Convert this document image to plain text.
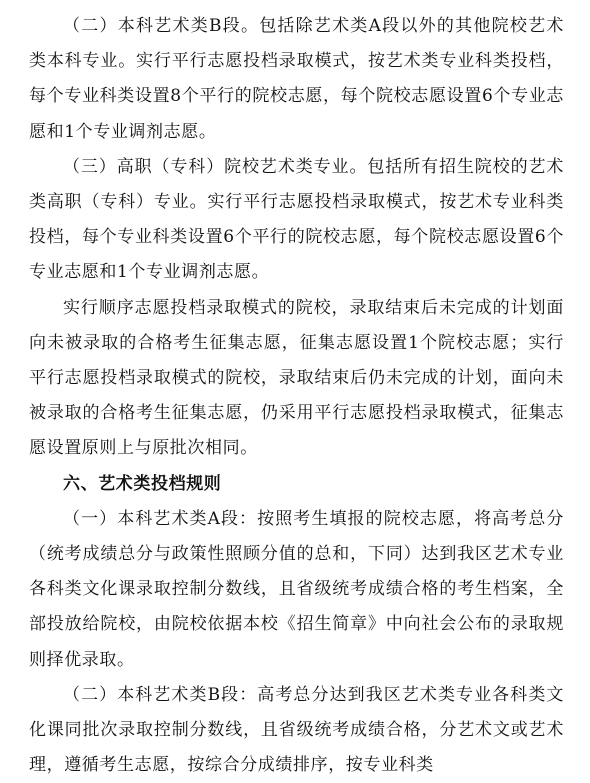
（二）本科艺术类B段。包括除艺术类A段以外的其他院校艺术类本科专业。实行平行志愿投档录取模式，按艺术类专业科类投档，每个专业科类设置8个平行的院校志愿，每个院校志愿设置6个专业志愿和1个专业调剂志愿。

（三）高职（专科）院校艺术类专业。包括所有招生院校的艺术类高职（专科）专业。实行平行志愿投档录取模式，按艺术专业科类投档，每个专业科类设置6个平行的院校志愿，每个院校志愿设置6个专业志愿和1个专业调剂志愿。

实行顺序志愿投档录取模式的院校，录取结束后未完成的计划面向未被录取的合格考生征集志愿，征集志愿设置1个院校志愿；实行平行志愿投档录取模式的院校，录取结束后仍未完成的计划，面向未被录取的合格考生征集志愿，仍采用平行志愿投档录取模式，征集志愿设置原则上与原批次相同。

六、艺术类投档规则

（一）本科艺术类A段：按照考生填报的院校志愿，将高考总分（统考成绩总分与政策性照顾分值的总和，下同）达到我区艺术专业各科类文化课录取控制分数线，且省级统考成绩合格的考生档案，全部投放给院校，由院校依据本校《招生简章》中向社会公布的录取规则择优录取。

（二）本科艺术类B段：高考总分达到我区艺术类专业各科类文化课同批次录取控制分数线，且省级统考成绩合格，分艺术文或艺术理，遵循考生志愿，按综合分成绩排序，按专业科类
